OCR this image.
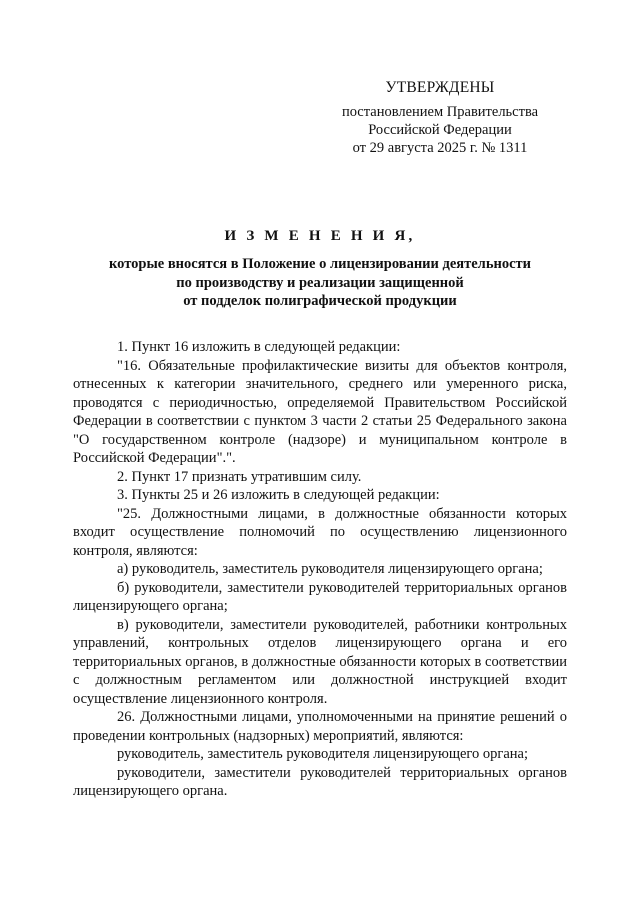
УТВЕРЖДЕНЫ
постановлением Правительства
Российской Федерации
от 29 августа 2025 г. № 1311
И З М Е Н Е Н И Я,
которые вносятся в Положение о лицензировании деятельности
по производству и реализации защищенной
от подделок полиграфической продукции

1. Пункт 16 изложить в следующей редакции:

"16. Обязательные профилактические визиты для объектов контроля, отнесенных к категории значительного, среднего или умеренного риска, проводятся с периодичностью, определяемой Правительством Российской Федерации в соответствии с пунктом 3 части 2 статьи 25 Федерального закона "О государственном контроле (надзоре) и муниципальном контроле в Российской Федерации".".

2. Пункт 17 признать утратившим силу.

3. Пункты 25 и 26 изложить в следующей редакции:

"25. Должностными лицами, в должностные обязанности которых входит осуществление полномочий по осуществлению лицензионного контроля, являются:

а) руководитель, заместитель руководителя лицензирующего органа;

б) руководители, заместители руководителей территориальных органов лицензирующего органа;

в) руководители, заместители руководителей, работники контрольных управлений, контрольных отделов лицензирующего органа и его территориальных органов, в должностные обязанности которых в соответствии с должностным регламентом или должностной инструкцией входит осуществление лицензионного контроля.

26. Должностными лицами, уполномоченными на принятие решений о проведении контрольных (надзорных) мероприятий, являются:

руководитель, заместитель руководителя лицензирующего органа;

руководители, заместители руководителей территориальных органов лицензирующего органа.
